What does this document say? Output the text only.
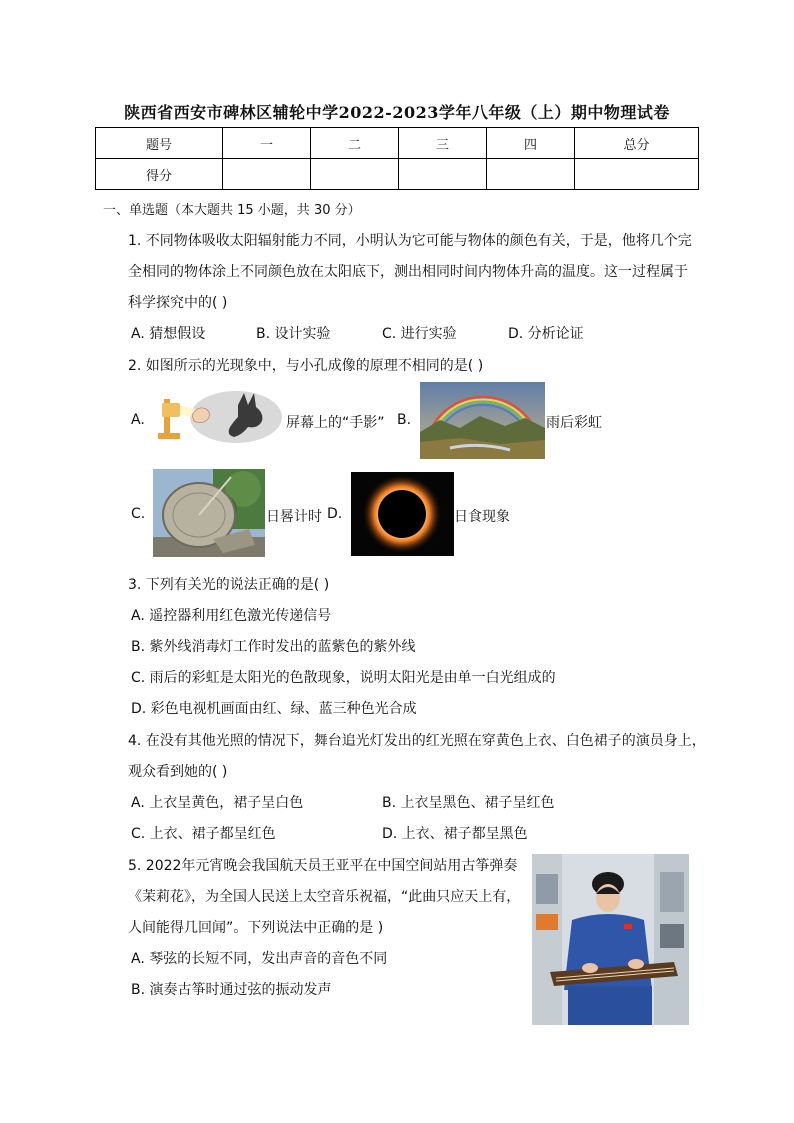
陕西省西安市碑林区辅轮中学2022-2023学年八年级（上）期中物理试卷
题号	一	二	三	四	总分
得分					
一、单选题（本大题共 15 小题，共 30 分）
1. 不同物体吸收太阳辐射能力不同，小明认为它可能与物体的颜色有关，于是，他将几个完
全相同的物体涂上不同颜色放在太阳底下，测出相同时间内物体升高的温度。这一过程属于
科学探究中的( )
A. 猜想假设	B. 设计实验	C. 进行实验	D. 分析论证
2. 如图所示的光现象中，与小孔成像的原理不相同的是( )
A.	屏幕上的“手影” B.	雨后彩虹
C.	日晷计时 D.	日食现象
3. 下列有关光的说法正确的是( )
A. 遥控器利用红色激光传递信号
B. 紫外线消毒灯工作时发出的蓝紫色的紫外线
C. 雨后的彩虹是太阳光的色散现象，说明太阳光是由单一白光组成的
D. 彩色电视机画面由红、绿、蓝三种色光合成
4. 在没有其他光照的情况下，舞台追光灯发出的红光照在穿黄色上衣、白色裙子的演员身上，
观众看到她的( )
A. 上衣呈黄色，裙子呈白色	B. 上衣呈黑色、裙子呈红色
C. 上衣、裙子都呈红色	D. 上衣、裙子都呈黑色
5. 2022年元宵晚会我国航天员王亚平在中国空间站用古筝弹奏
《茉莉花》，为全国人民送上太空音乐祝福，“此曲只应天上有，
人间能得几回闻”。下列说法中正确的是 )
A. 琴弦的长短不同，发出声音的音色不同
B. 演奏古筝时通过弦的振动发声
